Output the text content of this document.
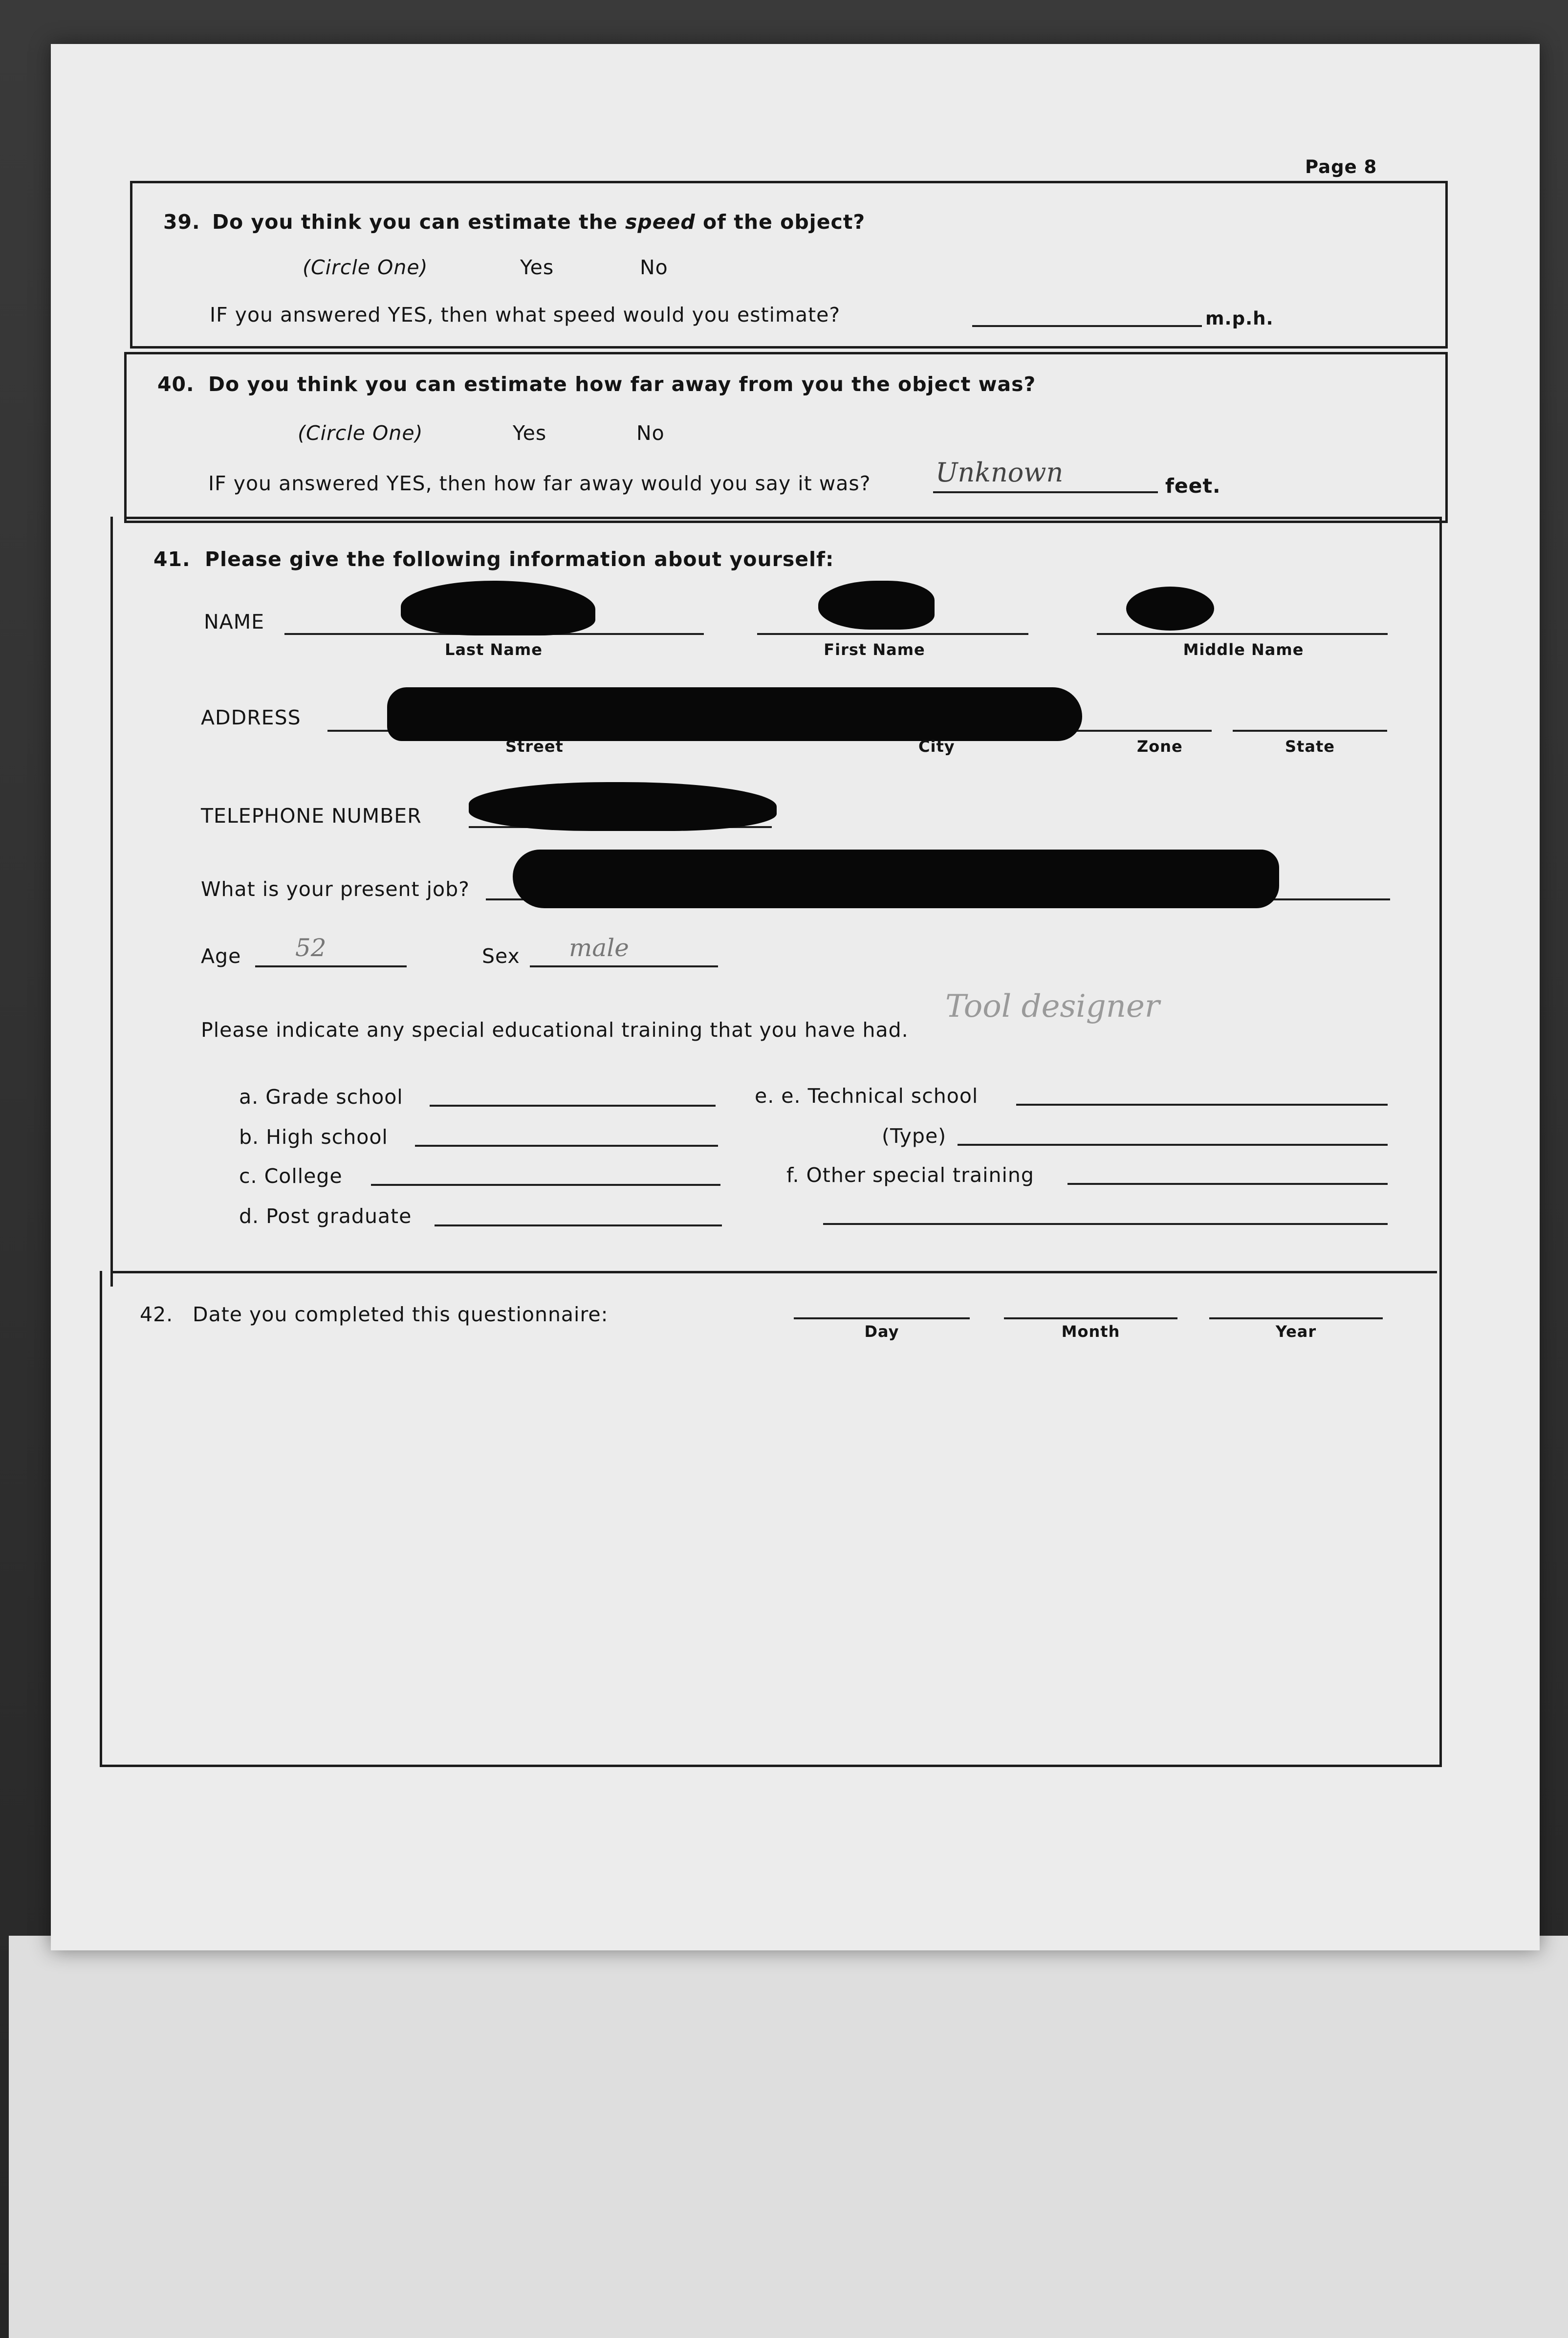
Page 8
39. Do you think you can estimate the speed of the object?
(Circle One)	Yes	No
IF you answered YES, then what speed would you estimate?	m.p.h.
40. Do you think you can estimate how far away from you the object was?
(Circle One)	Yes	No
IF you answered YES, then how far away would you say it was? Unknown	feet.
41. Please give the following information about yourself:
NAME
Last Name	First Name	Middle Name
ADDRESS
Street	City	Zone	State
TELEPHONE NUMBER
What is your present job?
Age 52	Sex male
Tool designer
Please indicate any special educational training that you have had.
a. Grade school
b. High school
c. College
d. Post graduate
e. e. Technical school
(Type)
f. Other special training
42. Date you completed this questionnaire:
Day	Month	Year
